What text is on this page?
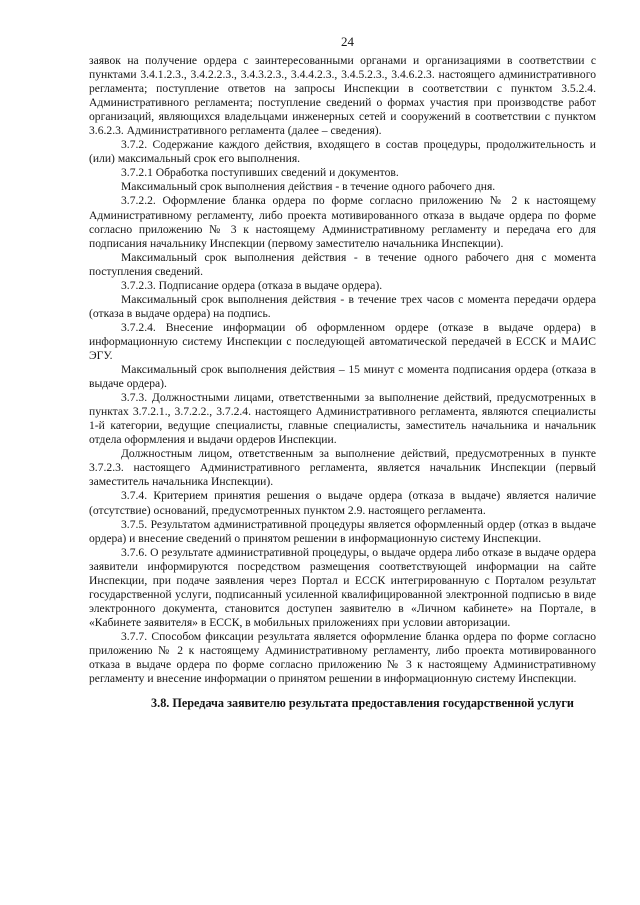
24

заявок на получение ордера с заинтересованными органами и организациями в соответствии с пунктами 3.4.1.2.3., 3.4.2.2.3., 3.4.3.2.3., 3.4.4.2.3., 3.4.5.2.3., 3.4.6.2.3. настоящего административного регламента; поступление ответов на запросы Инспекции в соответствии с пунктом 3.5.2.4. Административного регламента; поступление сведений о формах участия при производстве работ организаций, являющихся владельцами инженерных сетей и сооружений в соответствии с пунктом 3.6.2.3. Административного регламента (далее – сведения).

3.7.2. Содержание каждого действия, входящего в состав процедуры, продолжительность и (или) максимальный срок его выполнения.

3.7.2.1 Обработка поступивших сведений и документов.

Максимальный срок выполнения действия - в течение одного рабочего дня.

3.7.2.2. Оформление бланка ордера по форме согласно приложению № 2 к настоящему Административному регламенту, либо проекта мотивированного отказа в выдаче ордера по форме согласно приложению № 3 к настоящему Административному регламенту и передача его для подписания начальнику Инспекции (первому заместителю начальника Инспекции).

Максимальный срок выполнения действия - в течение одного рабочего дня с момента поступления сведений.

3.7.2.3. Подписание ордера (отказа в выдаче ордера).

Максимальный срок выполнения действия - в течение трех часов с момента передачи ордера (отказа в выдаче ордера) на подпись.

3.7.2.4. Внесение информации об оформленном ордере (отказе в выдаче ордера) в информационную систему Инспекции с последующей автоматической передачей в ЕССК и МАИС ЭГУ.

Максимальный срок выполнения действия – 15 минут с момента подписания ордера (отказа в выдаче ордера).

3.7.3. Должностными лицами, ответственными за выполнение действий, предусмотренных в пунктах 3.7.2.1., 3.7.2.2., 3.7.2.4. настоящего Административного регламента, являются специалисты 1-й категории, ведущие специалисты, главные специалисты, заместитель начальника и начальник отдела оформления и выдачи ордеров Инспекции.

Должностным лицом, ответственным за выполнение действий, предусмотренных в пункте 3.7.2.3. настоящего Административного регламента, является начальник Инспекции (первый заместитель начальника Инспекции).

3.7.4. Критерием принятия решения о выдаче ордера (отказа в выдаче) является наличие (отсутствие) оснований, предусмотренных пунктом 2.9. настоящего регламента.

3.7.5. Результатом административной процедуры является оформленный ордер (отказ в выдаче ордера) и внесение сведений о принятом решении в информационную систему Инспекции.

3.7.6. О результате административной процедуры, о выдаче ордера либо отказе в выдаче ордера заявители информируются посредством размещения соответствующей информации на сайте Инспекции, при подаче заявления через Портал и ЕССК интегрированную с Порталом результат государственной услуги, подписанный усиленной квалифицированной электронной подписью в виде электронного документа, становится доступен заявителю в «Личном кабинете» на Портале, в «Кабинете заявителя» в ЕССК, в мобильных приложениях при условии авторизации.

3.7.7. Способом фиксации результата является оформление бланка ордера по форме согласно приложению № 2 к настоящему Административному регламенту, либо проекта мотивированного отказа в выдаче ордера по форме согласно приложению № 3 к настоящему Административному регламенту и внесение информации о принятом решении в информационную систему Инспекции.

3.8. Передача заявителю результата предоставления государственной услуги
